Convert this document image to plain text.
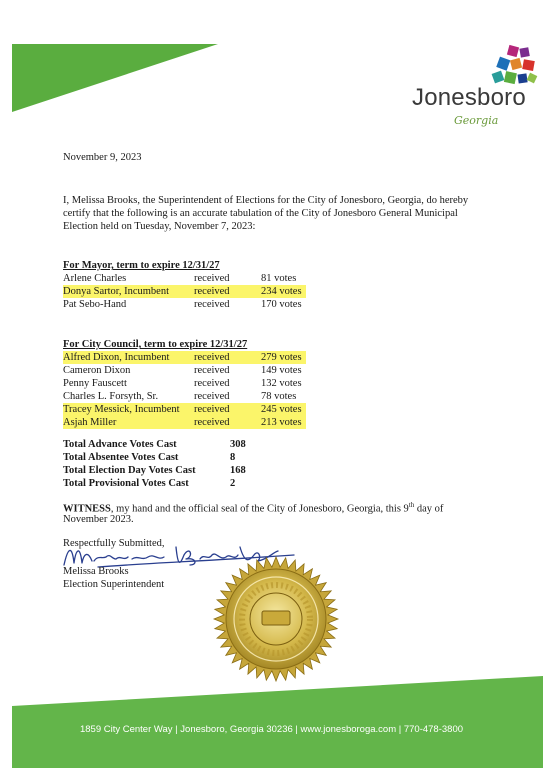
Jonesboro
Georgia
November 9, 2023
I, Melissa Brooks, the Superintendent of Elections for the City of Jonesboro, Georgia, do hereby certify that the following is an accurate tabulation of the City of Jonesboro General Municipal Election held on Tuesday, November 7, 2023:
For Mayor, term to expire 12/31/27
Arlene Charles	received	81 votes
Donya Sartor, Incumbent received	234 votes
Pat Sebo-Hand	received	170 votes
For City Council, term to expire 12/31/27
Alfred Dixon, Incumbent received	279 votes
Cameron Dixon	received	149 votes
Penny Fauscett	received	132 votes
Charles L. Forsyth, Sr.	received	78 votes
Tracey Messick, Incumbent received	245 votes
Asjah Miller	received	213 votes
Total Advance Votes Cast	308
Total Absentee Votes Cast	8
Total Election Day Votes Cast	168
Total Provisional Votes Cast	2
WITNESS, my hand and the official seal of the City of Jonesboro, Georgia, this 9th day of
November 2023.
Respectfully Submitted,
Melissa Brooks
Election Superintendent
1859 City Center Way | Jonesboro, Georgia 30236 | www.jonesboroga.com | 770-478-3800
